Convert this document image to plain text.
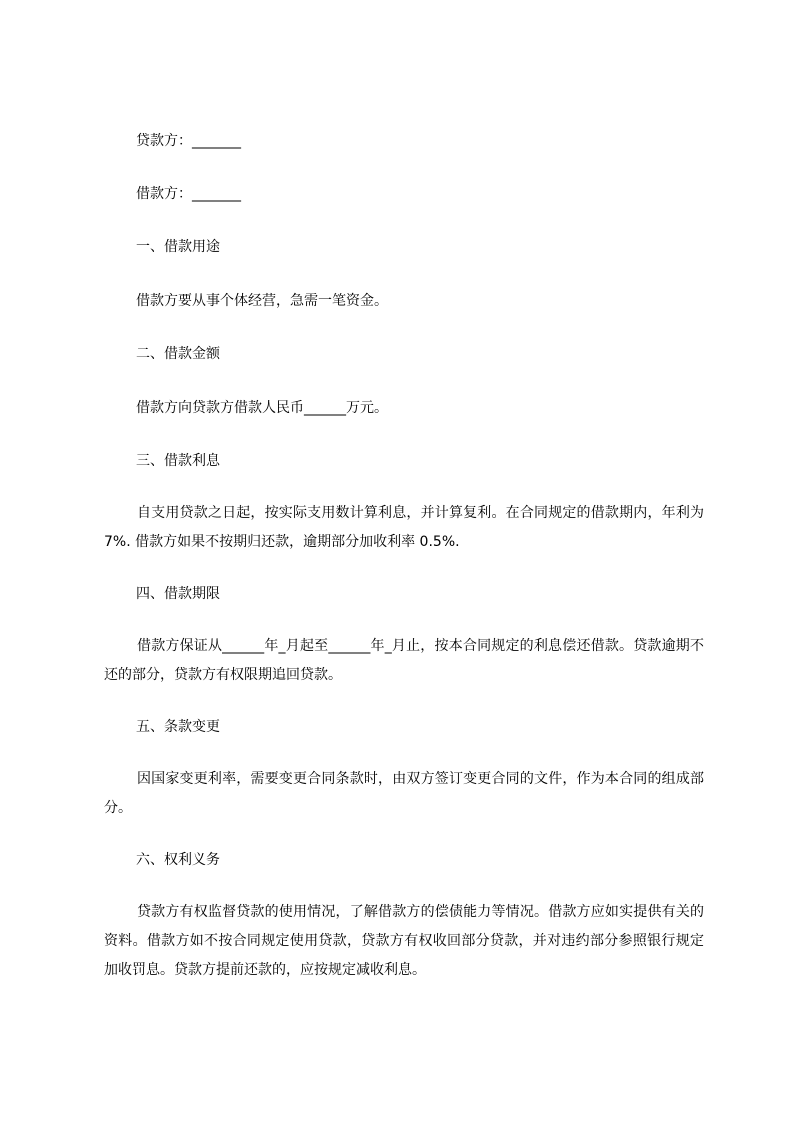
贷款方：_______
借款方：_______
一、借款用途
借款方要从事个体经营，急需一笔资金。
二、借款金额
借款方向贷款方借款人民币______万元。
三、借款利息
自支用贷款之日起，按实际支用数计算利息，并计算复利。在合同规定的借款期内，年利为 7%. 借款方如果不按期归还款，逾期部分加收利率 0.5%.
四、借款期限
借款方保证从______年_月起至______年_月止，按本合同规定的利息偿还借款。贷款逾期不还的部分，贷款方有权限期追回贷款。
五、条款变更
因国家变更利率，需要变更合同条款时，由双方签订变更合同的文件，作为本合同的组成部分。
六、权利义务
贷款方有权监督贷款的使用情况，了解借款方的偿债能力等情况。借款方应如实提供有关的资料。借款方如不按合同规定使用贷款，贷款方有权收回部分贷款，并对违约部分参照银行规定加收罚息。贷款方提前还款的，应按规定减收利息。
